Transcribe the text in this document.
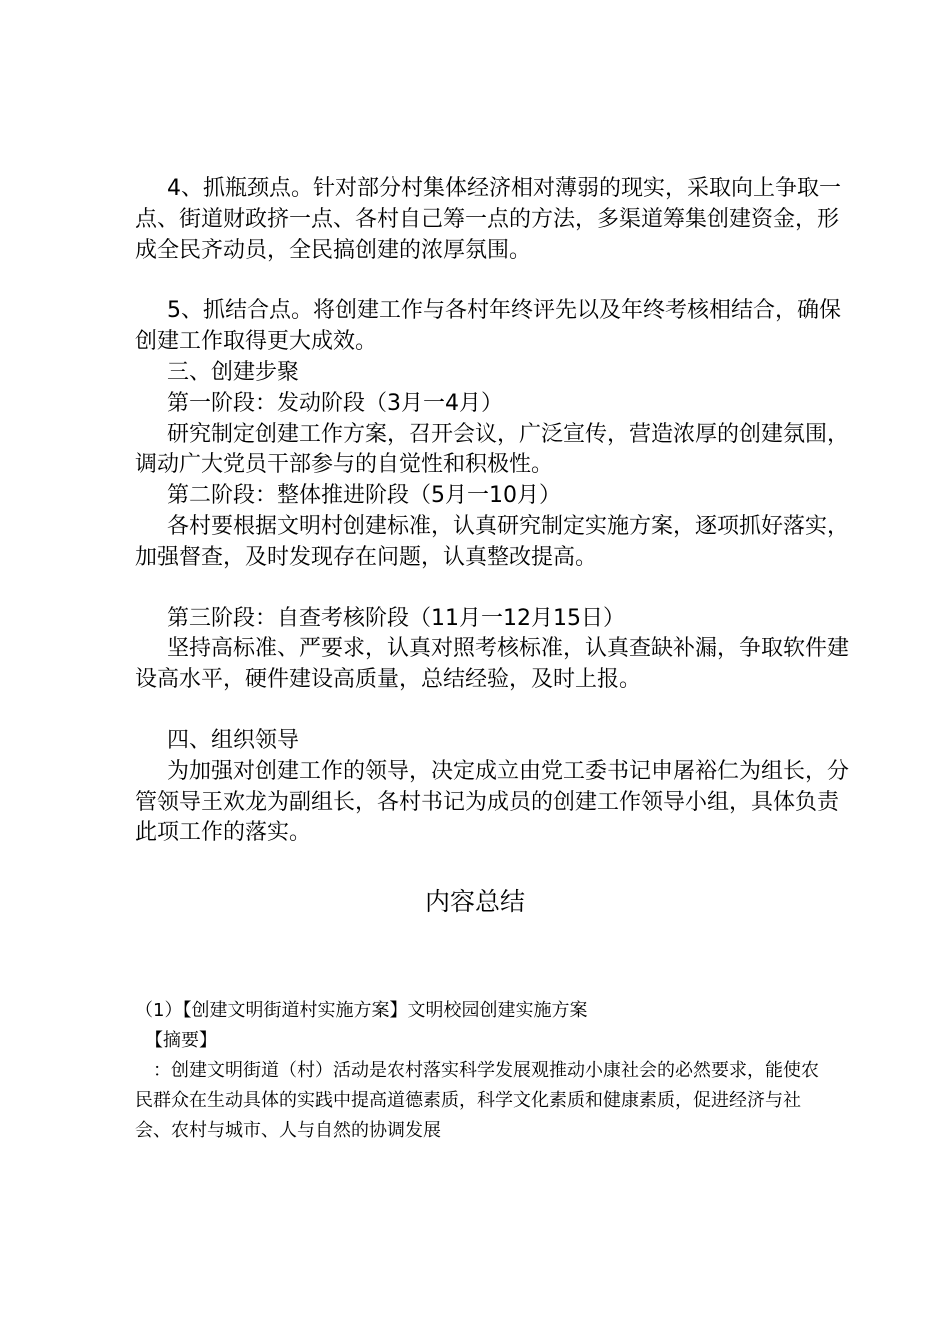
4、抓瓶颈点。针对部分村集体经济相对薄弱的现实，采取向上争取一点、街道财政挤一点、各村自己筹一点的方法，多渠道筹集创建资金，形成全民齐动员，全民搞创建的浓厚氛围。

5、抓结合点。将创建工作与各村年终评先以及年终考核相结合，确保创建工作取得更大成效。

三、创建步聚

第一阶段：发动阶段（3月一4月）

研究制定创建工作方案，召开会议，广泛宣传，营造浓厚的创建氛围，调动广大党员干部参与的自觉性和积极性。

第二阶段：整体推进阶段（5月一10月）

各村要根据文明村创建标准，认真研究制定实施方案，逐项抓好落实，加强督查，及时发现存在问题，认真整改提高。

第三阶段：自查考核阶段（11月一12月15日）

坚持高标准、严要求，认真对照考核标准，认真查缺补漏，争取软件建设高水平，硬件建设高质量，总结经验，及时上报。

四、组织领导

为加强对创建工作的领导，决定成立由党工委书记申屠裕仁为组长，分管领导王欢龙为副组长，各村书记为成员的创建工作领导小组，具体负责此项工作的落实。

内容总结

（1）【创建文明街道村实施方案】文明校园创建实施方案

【摘要】

：创建文明街道（村）活动是农村落实科学发展观推动小康社会的必然要求，能使农民群众在生动具体的实践中提高道德素质，科学文化素质和健康素质，促进经济与社会、农村与城市、人与自然的协调发展
